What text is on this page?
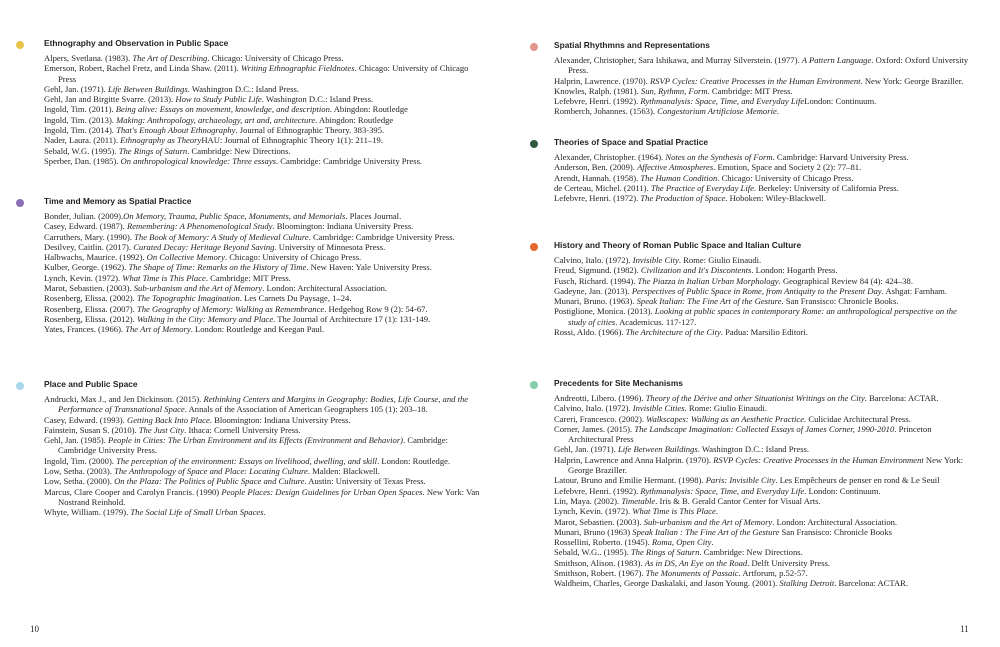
Ethnography and Observation in Public Space
Alpers, Svetlana. (1983). The Art of Describing. Chicago: University of Chicago Press.
Emerson, Robert, Rachel Fretz, and Linda Shaw. (2011). Writing Ethnographic Fieldnotes. Chicago: University of Chicago Press
Gehl, Jan. (1971). Life Between Buildings. Washington D.C.: Island Press.
Gehl, Jan and Birgitte Svarre. (2013). How to Study Public Life. Washington D.C.: Island Press.
Ingold, Tim. (2011). Being alive: Essays on movement, knowledge, and description. Abingdon: Routledge
Ingold, Tim. (2013). Making: Anthropology, archaeology, art and, architecture. Abingdon: Routledge
Ingold, Tim. (2014). That's Enough About Ethnography. Journal of Ethnographic Theory. 383-395.
Nader, Laura. (2011). Ethnography as TheoryHAU: Journal of Ethnographic Theory 1(1): 211–19.
Sebald, W.G. (1995). The Rings of Saturn. Cambridge: New Directions.
Sperber, Dan. (1985). On anthropological knowledge: Three essays. Cambridge: Cambridge University Press.
Time and Memory as Spatial Practice
Bonder, Julian. (2009).On Memory, Trauma, Public Space, Monuments, and Memorials. Places Journal.
Casey, Edward. (1987). Remembering: A Phenomenological Study. Bloomington: Indiana University Press.
Carruthers, Mary. (1990). The Book of Memory: A Study of Medieval Culture. Cambridge: Cambridge University Press.
Desilvey, Caitlin. (2017). Curated Decay: Heritage Beyond Saving. University of Minnesota Press.
Halbwachs, Maurice. (1992). On Collective Memory. Chicago: University of Chicago Press.
Kulber, George. (1962). The Shape of Time: Remarks on the History of Time. New Haven: Yale University Press.
Lynch, Kevin. (1972). What Time is This Place. Cambridge: MIT Press.
Marot, Sebastien. (2003). Sub-urbanism and the Art of Memory. London: Architectural Association.
Rosenberg, Elissa. (2002). The Topographic Imagination. Les Carnets Du Paysage, 1–24.
Rosenberg, Elissa. (2007). The Geography of Memory: Walking as Remembrance. Hedgehog Row 9 (2): 54-67.
Rosenberg, Elissa. (2012). Walking in the City: Memory and Place. The Journal of Architecture 17 (1): 131-149.
Yates, Frances. (1966). The Art of Memory. London: Routledge and Keegan Paul.
Place and Public Space
Andrucki, Max J., and Jen Dickinson. (2015). Rethinking Centers and Margins in Geography: Bodies, Life Course, and the Performance of Transnational Space. Annals of the Association of American Geographers 105 (1): 203–18.
Casey, Edward. (1993). Getting Back Into Place. Bloomington: Indiana University Press.
Fainstein, Susan S. (2010). The Just City. Ithaca: Cornell University Press.
Gehl, Jan. (1985). People in Cities: The Urban Environment and its Effects (Environment and Behavior). Cambridge: Cambridge University Press.
Ingold, Tim. (2000). The perception of the environment: Essays on livelihood, dwelling, and skill. London: Routledge.
Low, Setha. (2003). The Anthropology of Space and Place: Locating Culture. Malden: Blackwell.
Low, Setha. (2000). On the Plaza: The Politics of Public Space and Culture. Austin: University of Texas Press.
Marcus, Clare Cooper and Carolyn Francis. (1990) People Places: Design Guidelines for Urban Open Spaces. New York: Van Nostrand Reinhold.
Whyte, William. (1979). The Social Life of Small Urban Spaces.
Spatial Rhythmns and Representations
Alexander, Christopher, Sara Ishikawa, and Murray Silverstein. (1977). A Pattern Language. Oxford: Oxford University Press.
Halprin, Lawrence. (1970). RSVP Cycles: Creative Processes in the Human Environment. New York: George Braziller.
Knowles, Ralph. (1981). Sun, Rythmn, Form. Cambridge: MIT Press.
Lefebvre, Henri. (1992). Rythmanalysis: Space, Time, and Everyday LifeLondon: Continuum.
Romberch, Johannes. (1563). Congestorium Artificiose Memorie.
Theories of Space and Spatial Practice
Alexander, Christopher. (1964). Notes on the Synthesis of Form. Cambridge: Harvard University Press.
Anderson, Ben. (2009). Affective Atmospheres. Emotion, Space and Society 2 (2): 77–81.
Arendt, Hannah. (1958). The Human Condition. Chicago: University of Chicago Press.
de Certeau, Michel. (2011). The Practice of Everyday Life. Berkeley: University of California Press.
Lefebvre, Henri. (1972). The Production of Space. Hoboken: Wiley-Blackwell.
History and Theory of Roman Public Space and Italian Culture
Calvino, Italo. (1972). Invisible City. Rome: Giulio Einaudi.
Freud, Sigmund. (1982). Civilization and It's Discontents. London: Hogarth Press.
Fusch, Richard. (1994). The Piazza in Italian Urban Morphology. Geographical Review 84 (4): 424–38.
Gadeyne, Jan. (2013). Perspectives of Public Space in Rome, from Antiquity to the Present Day. Ashgat: Farnham.
Munari, Bruno. (1963). Speak Italian: The Fine Art of the Gesture. San Fransisco: Chronicle Books.
Postiglione, Monica. (2013). Looking at public spaces in contemporary Rome: an anthropological perspective on the study of cities. Academicus. 117-127.
Rossi, Aldo. (1966). The Architecture of the City. Padua: Marsilio Editori.
Precedents for Site Mechanisms
Andreotti, Libero. (1996). Theory of the Dérive and other Situationist Writings on the City. Barcelona: ACTAR.
Calvino, Italo. (1972). Invisible Cities. Rome: Giulio Einaudi.
Careri, Francesco. (2002). Walkscapes: Walking as an Aesthetic Practice. Culicidae Architectural Press.
Corner, James. (2015). The Landscape Imagination: Collected Essays of James Corner, 1990-2010. Princeton Architectural Press
Gehl, Jan. (1971). Life Between Buildings. Washington D.C.: Island Press.
Halprin, Lawrence and Anna Halprin. (1970). RSVP Cycles: Creative Processes in the Human Environment New York: George Braziller.
Latour, Bruno and Emilie Hermant. (1998). Paris: Invisible City. Les Empêcheurs de penser en rond & Le Seuil
Lefebvre, Henri. (1992). Rythmanalysis: Space, Time, and Everyday Life. London: Continuum.
Lin, Maya. (2002). Timetable. Iris & B. Gerald Cantor Center for Visual Arts.
Lynch, Kevin. (1972). What Time is This Place.
Marot, Sebastien. (2003). Sub-urbanism and the Art of Memory. London: Architectural Association.
Munari, Bruno (1963) Speak Italian : The Fine Art of the Gesture San Fransisco: Chronicle Books
Rossellini, Roberto. (1945). Roma, Open City.
Sebald, W.G.. (1995). The Rings of Saturn. Cambridge: New Directions.
Smithson, Alison. (1983). As in DS, An Eye on the Road. Delft University Press.
Smithson, Robert. (1967). The Monuments of Passaic. Artforum, p.52-57.
Waldheim, Charles, George Daskalaki, and Jason Young. (2001). Stalking Detroit. Barcelona: ACTAR.
10	11
